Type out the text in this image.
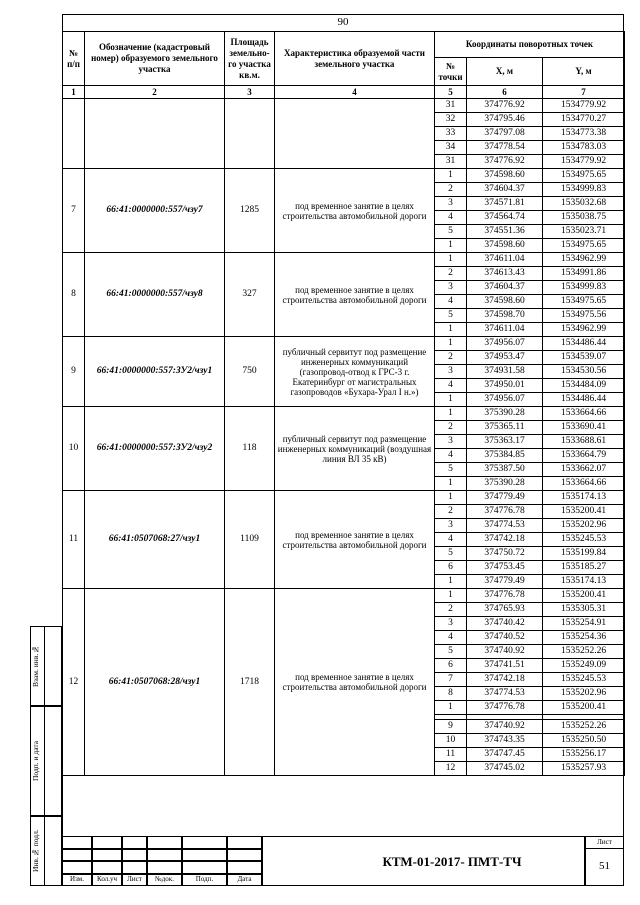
90
№ п/п	Обозначение (кадастровый номер) образуемого земельного участка	Площадь земельно-го участка кв.м.	Характеристика образуемой части земельного участка	Координаты поворотных точек		
				№ точки	X, м	Y, м
1	2	3	4	5	6	7
				31	374776.92	1534779.92
				32	374795.46	1534770.27
				33	374797.08	1534773.38
				34	374778.54	1534783.03
				31	374776.92	1534779.92
7	66:41:0000000:557/чзу7	1285	под временное занятие в целях строительства автомобильной дороги	1	374598.60	1534975.65
				2	374604.37	1534999.83
				3	374571.81	1535032.68
				4	374564.74	1535038.75
				5	374551.36	1535023.71
				1	374598.60	1534975.65
8	66:41:0000000:557/чзу8	327	под временное занятие в целях строительства автомобильной дороги	1	374611.04	1534962.99
				2	374613.43	1534991.86
				3	374604.37	1534999.83
				4	374598.60	1534975.65
				5	374598.70	1534975.56
				1	374611.04	1534962.99
9	66:41:0000000:557:ЗУ2/чзу1	750	публичный сервитут под размещение инженерных коммуникаций (газопровод-отвод к ГРС-3 г. Екатеринбург от магистральных газопроводов «Бухара-Урал I н.»)	1	374956.07	1534486.44
				2	374953.47	1534539.07
				3	374931.58	1534530.56
				4	374950.01	1534484.09
				1	374956.07	1534486.44
10	66:41:0000000:557:ЗУ2/чзу2	118	публичный сервитут под размещение инженерных коммуникаций (воздушная линия ВЛ 35 кВ)	1	375390.28	1533664.66
				2	375365.11	1533690.41
				3	375363.17	1533688.61
				4	375384.85	1533664.79
				5	375387.50	1533662.07
				1	375390.28	1533664.66
11	66:41:0507068:27/чзу1	1109	под временное занятие в целях строительства автомобильной дороги	1	374779.49	1535174.13
				2	374776.78	1535200.41
				3	374774.53	1535202.96
				4	374742.18	1535245.53
				5	374750.72	1535199.84
				6	374753.45	1535185.27
				1	374779.49	1535174.13
12	66:41:0507068:28/чзу1	1718	под временное занятие в целях строительства автомобильной дороги	1	374776.78	1535200.41
				2	374765.93	1535305.31
				3	374740.42	1535254.91
				4	374740.52	1535254.36
				5	374740.92	1535252.26
				6	374741.51	1535249.09
				7	374742.18	1535245.53
				8	374774.53	1535202.96
				1	374776.78	1535200.41

				9	374740.92	1535252.26
				10	374743.35	1535250.50
				11	374747.45	1535256.17
				12	374745.02	1535257.93
Изм.	Кол.уч	Лист	№док.	Подп.	Дата
КТМ-01-2017- ПМТ-ТЧ
Лист
51
Взам. инв.№
Подп. и дата
Инв.№ подл.
